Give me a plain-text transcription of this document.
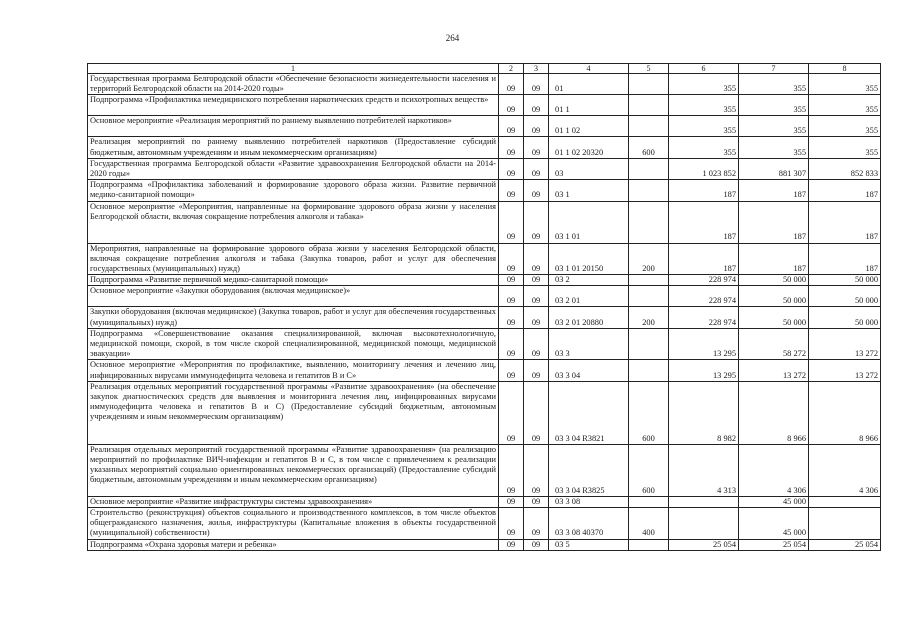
264
1	2	3	4	5	6	7	8
Государственная программа Белгородской области «Обеспечение безопасности жизнедеятельности населения и территорий Белгородской области на 2014-2020 годы»	09	09	01		355	355	355
Подпрограмма «Профилактика немедицинского потребления наркотических средств и психотропных веществ»	09	09	01 1		355	355	355
Основное мероприятие «Реализация мероприятий по раннему выявлению потребителей наркотиков»	09	09	01 1 02		355	355	355
Реализация мероприятий по раннему выявлению потребителей наркотиков (Предоставление субсидий бюджетным, автономным учреждениям и иным некоммерческим организациям)	09	09	01 1 02 20320	600	355	355	355
Государственная программа Белгородской области «Развитие здравоохранения Белгородской области на 2014-2020 годы»	09	09	03		1 023 852	881 307	852 833
Подпрограмма «Профилактика заболеваний и формирование здорового образа жизни. Развитие первичной медико-санитарной помощи»	09	09	03 1		187	187	187
Основное мероприятие «Мероприятия, направленные на формирование здорового образа жизни у населения Белгородской области, включая сокращение потребления алкоголя и табака»	09	09	03 1 01		187	187	187
Мероприятия, направленные на формирование здорового образа жизни у населения Белгородской области, включая сокращение потребления алкоголя и табака (Закупка товаров, работ и услуг для обеспечения государственных (муниципальных) нужд)	09	09	03 1 01 20150	200	187	187	187
Подпрограмма «Развитие первичной медико-санитарной помощи»	09	09	03 2		228 974	50 000	50 000
Основное мероприятие «Закупки оборудования (включая медицинское)»	09	09	03 2 01		228 974	50 000	50 000
Закупки оборудования (включая медицинское) (Закупка товаров, работ и услуг для обеспечения государственных (муниципальных) нужд)	09	09	03 2 01 20880	200	228 974	50 000	50 000
Подпрограмма «Совершенствование оказания специализированной, включая высокотехнологичную, медицинской помощи, скорой, в том числе скорой специализированной, медицинской помощи, медицинской эвакуации»	09	09	03 3		13 295	58 272	13 272
Основное мероприятие «Мероприятия по профилактике, выявлению, мониторингу лечения и лечению лиц, инфицированных вирусами иммунодефицита человека и гепатитов В и С»	09	09	03 3 04		13 295	13 272	13 272
Реализация отдельных мероприятий государственной программы «Развитие здравоохранения» (на обеспечение закупок диагностических средств для выявления и мониторинга лечения лиц, инфицированных вирусами иммунодефицита человека и гепатитов В и С) (Предоставление субсидий бюджетным, автономным учреждениям и иным некоммерческим организациям)	09	09	03 3 04 R3821	600	8 982	8 966	8 966
Реализация отдельных мероприятий государственной программы «Развитие здравоохранения» (на реализацию мероприятий по профилактике ВИЧ-инфекции и гепатитов В и С, в том числе с привлечением к реализации указанных мероприятий социально ориентированных некоммерческих организаций) (Предоставление субсидий бюджетным, автономным учреждениям и иным некоммерческим организациям)	09	09	03 3 04 R3825	600	4 313	4 306	4 306
Основное мероприятие «Развитие инфраструктуры системы здравоохранения»	09	09	03 3 08			45 000	
Строительство (реконструкция) объектов социального и производственного комплексов, в том числе объектов общегражданского назначения, жилья, инфраструктуры (Капитальные вложения в объекты государственной (муниципальной) собственности)	09	09	03 3 08 40370	400		45 000	
Подпрограмма «Охрана здоровья матери и ребенка»	09	09	03 5		25 054	25 054	25 054
